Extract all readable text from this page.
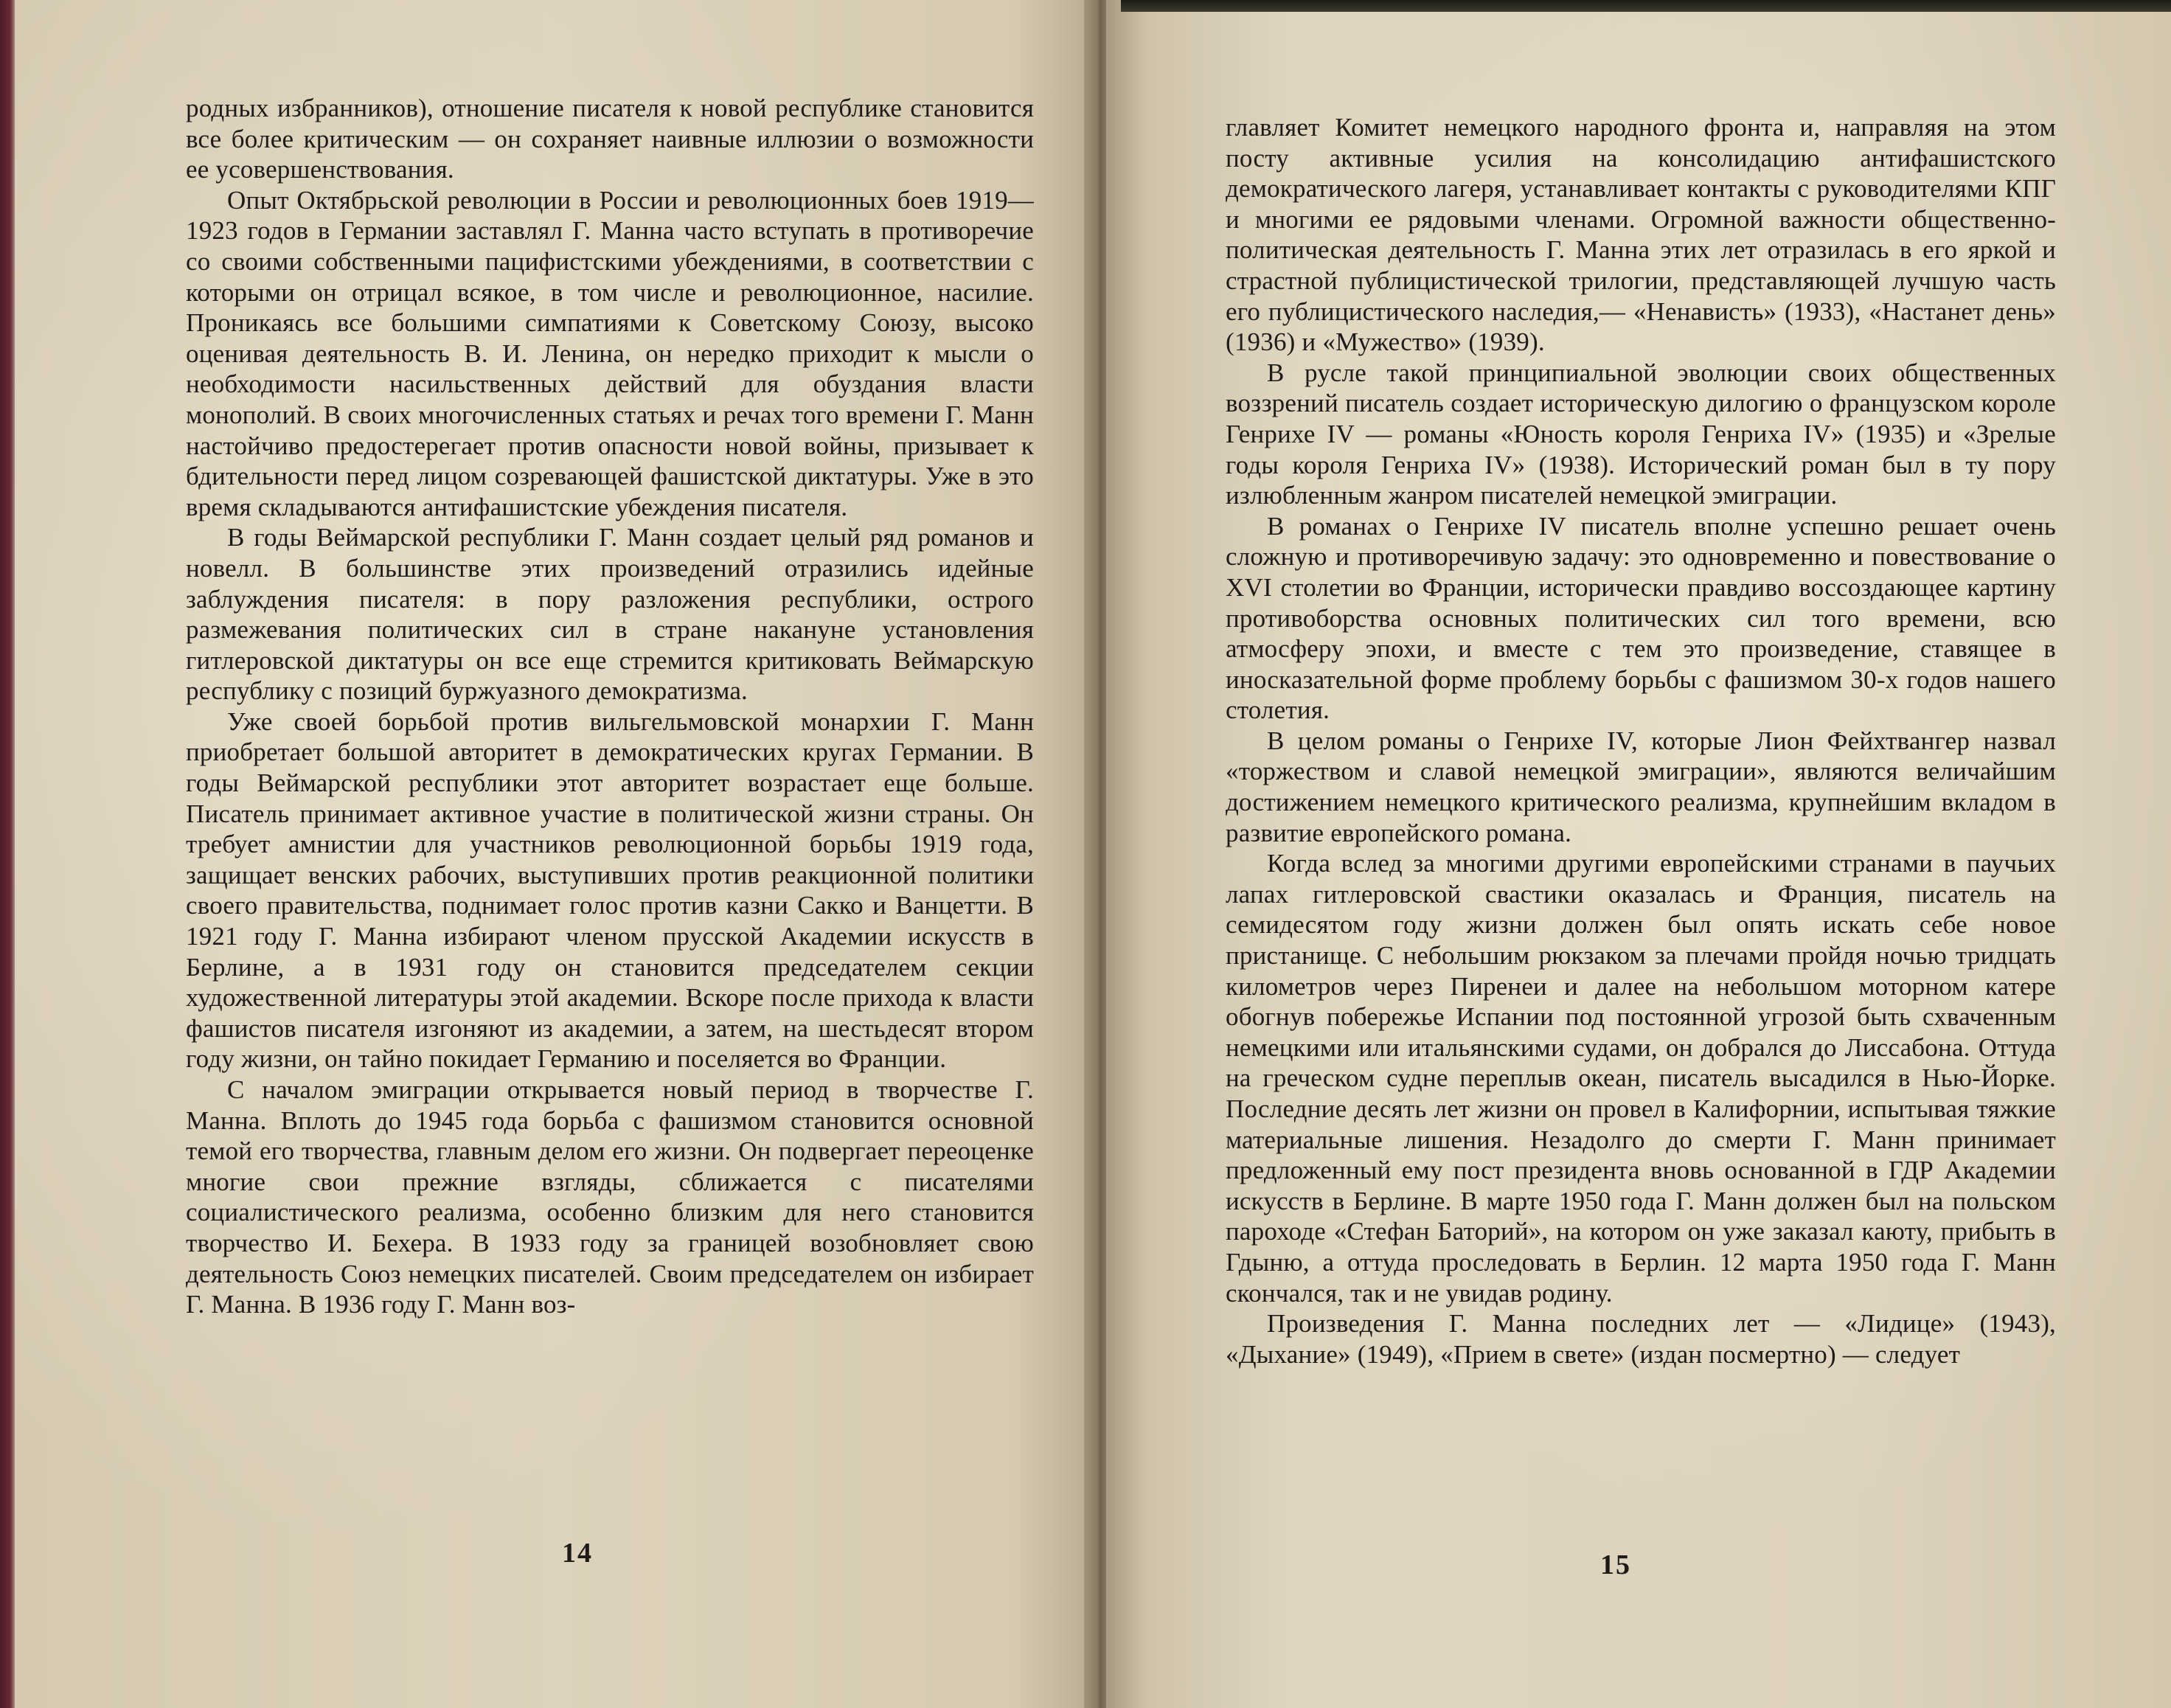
родных избранников), отношение писателя к новой республике становится все более критическим — он сохраняет наивные иллюзии о возможности ее усовершенствования.

Опыт Октябрьской революции в России и революционных боев 1919—1923 годов в Германии заставлял Г. Манна часто вступать в противоречие со своими собственными пацифистскими убеждениями, в соответствии с которыми он отрицал всякое, в том числе и революционное, насилие. Проникаясь все большими симпатиями к Советскому Союзу, высоко оценивая деятельность В. И. Ленина, он нередко приходит к мысли о необходимости насильственных действий для обуздания власти монополий. В своих многочисленных статьях и речах того времени Г. Манн настойчиво предостерегает против опасности новой войны, призывает к бдительности перед лицом созревающей фашистской диктатуры. Уже в это время складываются антифашистские убеждения писателя.

В годы Веймарской республики Г. Манн создает целый ряд романов и новелл. В большинстве этих произведений отразились идейные заблуждения писателя: в пору разложения республики, острого размежевания политических сил в стране накануне установления гитлеровской диктатуры он все еще стремится критиковать Веймарскую республику с позиций буржуазного демократизма.

Уже своей борьбой против вильгельмовской монархии Г. Манн приобретает большой авторитет в демократических кругах Германии. В годы Веймарской республики этот авторитет возрастает еще больше. Писатель принимает активное участие в политической жизни страны. Он требует амнистии для участников революционной борьбы 1919 года, защищает венских рабочих, выступивших против реакционной политики своего правительства, поднимает голос против казни Сакко и Ванцетти. В 1921 году Г. Манна избирают членом прусской Академии искусств в Берлине, а в 1931 году он становится председателем секции художественной литературы этой академии. Вскоре после прихода к власти фашистов писателя изгоняют из академии, а затем, на шестьдесят втором году жизни, он тайно покидает Германию и поселяется во Франции.

С началом эмиграции открывается новый период в творчестве Г. Манна. Вплоть до 1945 года борьба с фашизмом становится основной темой его творчества, главным делом его жизни. Он подвергает переоценке многие свои прежние взгляды, сближается с писателями социалистического реализма, особенно близким для него становится творчество И. Бехера. В 1933 году за границей возобновляет свою деятельность Союз немецких писателей. Своим председателем он избирает Г. Манна. В 1936 году Г. Манн воз-

14

главляет Комитет немецкого народного фронта и, направляя на этом посту активные усилия на консолидацию антифашистского демократического лагеря, устанавливает контакты с руководителями КПГ и многими ее рядовыми членами. Огромной важности общественно-политическая деятельность Г. Манна этих лет отразилась в его яркой и страстной публицистической трилогии, представляющей лучшую часть его публицистического наследия,— «Ненависть» (1933), «Настанет день» (1936) и «Мужество» (1939).

В русле такой принципиальной эволюции своих общественных воззрений писатель создает историческую дилогию о французском короле Генрихе IV — романы «Юность короля Генриха IV» (1935) и «Зрелые годы короля Генриха IV» (1938). Исторический роман был в ту пору излюбленным жанром писателей немецкой эмиграции.

В романах о Генрихе IV писатель вполне успешно решает очень сложную и противоречивую задачу: это одновременно и повествование о XVI столетии во Франции, исторически правдиво воссоздающее картину противоборства основных политических сил того времени, всю атмосферу эпохи, и вместе с тем это произведение, ставящее в иносказательной форме проблему борьбы с фашизмом 30-х годов нашего столетия.

В целом романы о Генрихе IV, которые Лион Фейхтвангер назвал «торжеством и славой немецкой эмиграции», являются величайшим достижением немецкого критического реализма, крупнейшим вкладом в развитие европейского романа.

Когда вслед за многими другими европейскими странами в паучьих лапах гитлеровской свастики оказалась и Франция, писатель на семидесятом году жизни должен был опять искать себе новое пристанище. С небольшим рюкзаком за плечами пройдя ночью тридцать километров через Пиренеи и далее на небольшом моторном катере обогнув побережье Испании под постоянной угрозой быть схваченным немецкими или итальянскими судами, он добрался до Лиссабона. Оттуда на греческом судне переплыв океан, писатель высадился в Нью-Йорке. Последние десять лет жизни он провел в Калифорнии, испытывая тяжкие материальные лишения. Незадолго до смерти Г. Манн принимает предложенный ему пост президента вновь основанной в ГДР Академии искусств в Берлине. В марте 1950 года Г. Манн должен был на польском пароходе «Стефан Баторий», на котором он уже заказал каюту, прибыть в Гдыню, а оттуда проследовать в Берлин. 12 марта 1950 года Г. Манн скончался, так и не увидав родину.

Произведения Г. Манна последних лет — «Лидице» (1943), «Дыхание» (1949), «Прием в свете» (издан посмертно) — следует

15
